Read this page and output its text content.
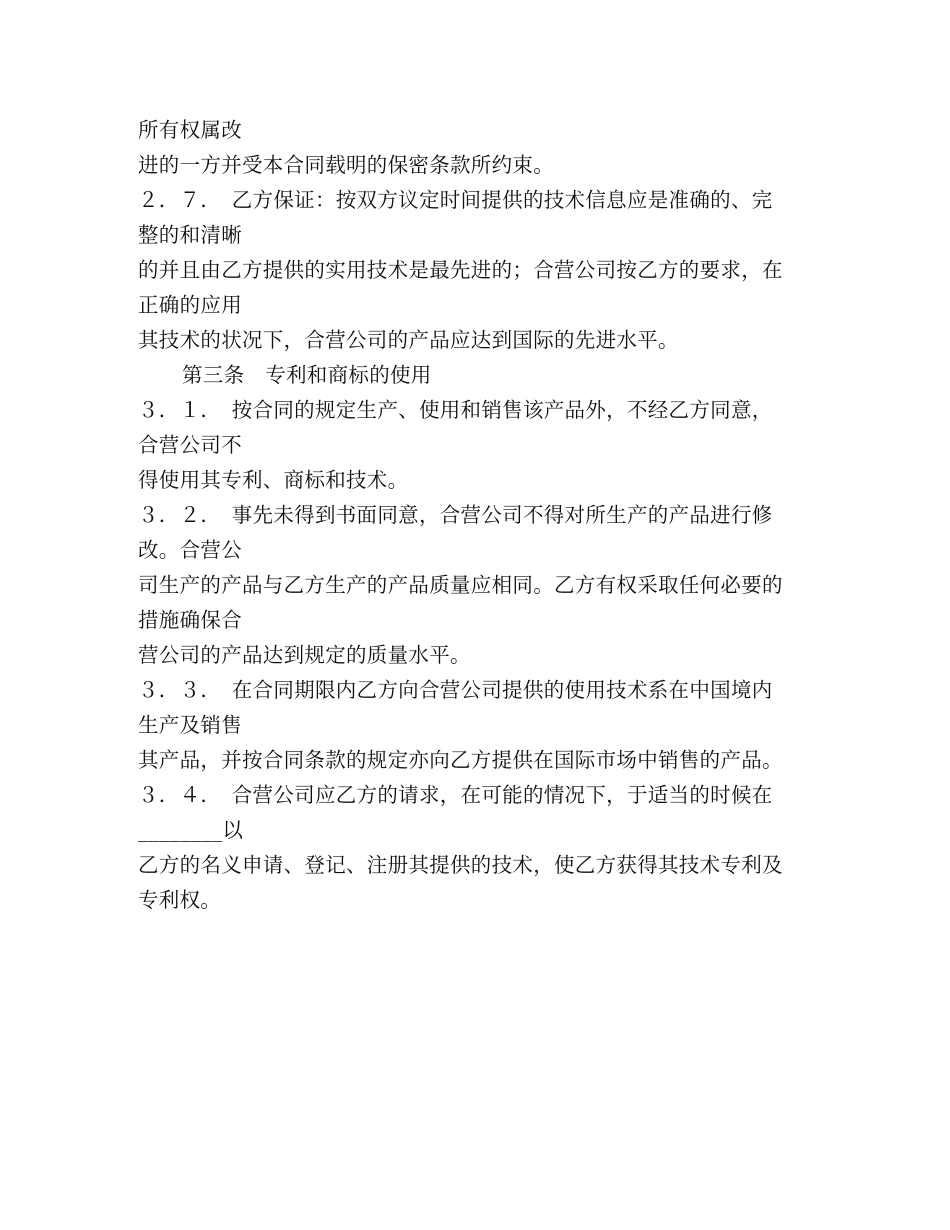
所有权属改
进的一方并受本合同载明的保密条款所约束。
２．７．　乙方保证：按双方议定时间提供的技术信息应是准确的、完
整的和清晰
的并且由乙方提供的实用技术是最先进的；合营公司按乙方的要求，在
正确的应用
其技术的状况下，合营公司的产品应达到国际的先进水平。
第三条　专利和商标的使用
３．１．　按合同的规定生产、使用和销售该产品外，不经乙方同意，
合营公司不
得使用其专利、商标和技术。
３．２．　事先未得到书面同意，合营公司不得对所生产的产品进行修
改。合营公
司生产的产品与乙方生产的产品质量应相同。乙方有权采取任何必要的
措施确保合
营公司的产品达到规定的质量水平。
３．３．　在合同期限内乙方向合营公司提供的使用技术系在中国境内
生产及销售
其产品，并按合同条款的规定亦向乙方提供在国际市场中销售的产品。
３．４．　合营公司应乙方的请求，在可能的情况下，于适当的时候在
________以
乙方的名义申请、登记、注册其提供的技术，使乙方获得其技术专利及
专利权。
